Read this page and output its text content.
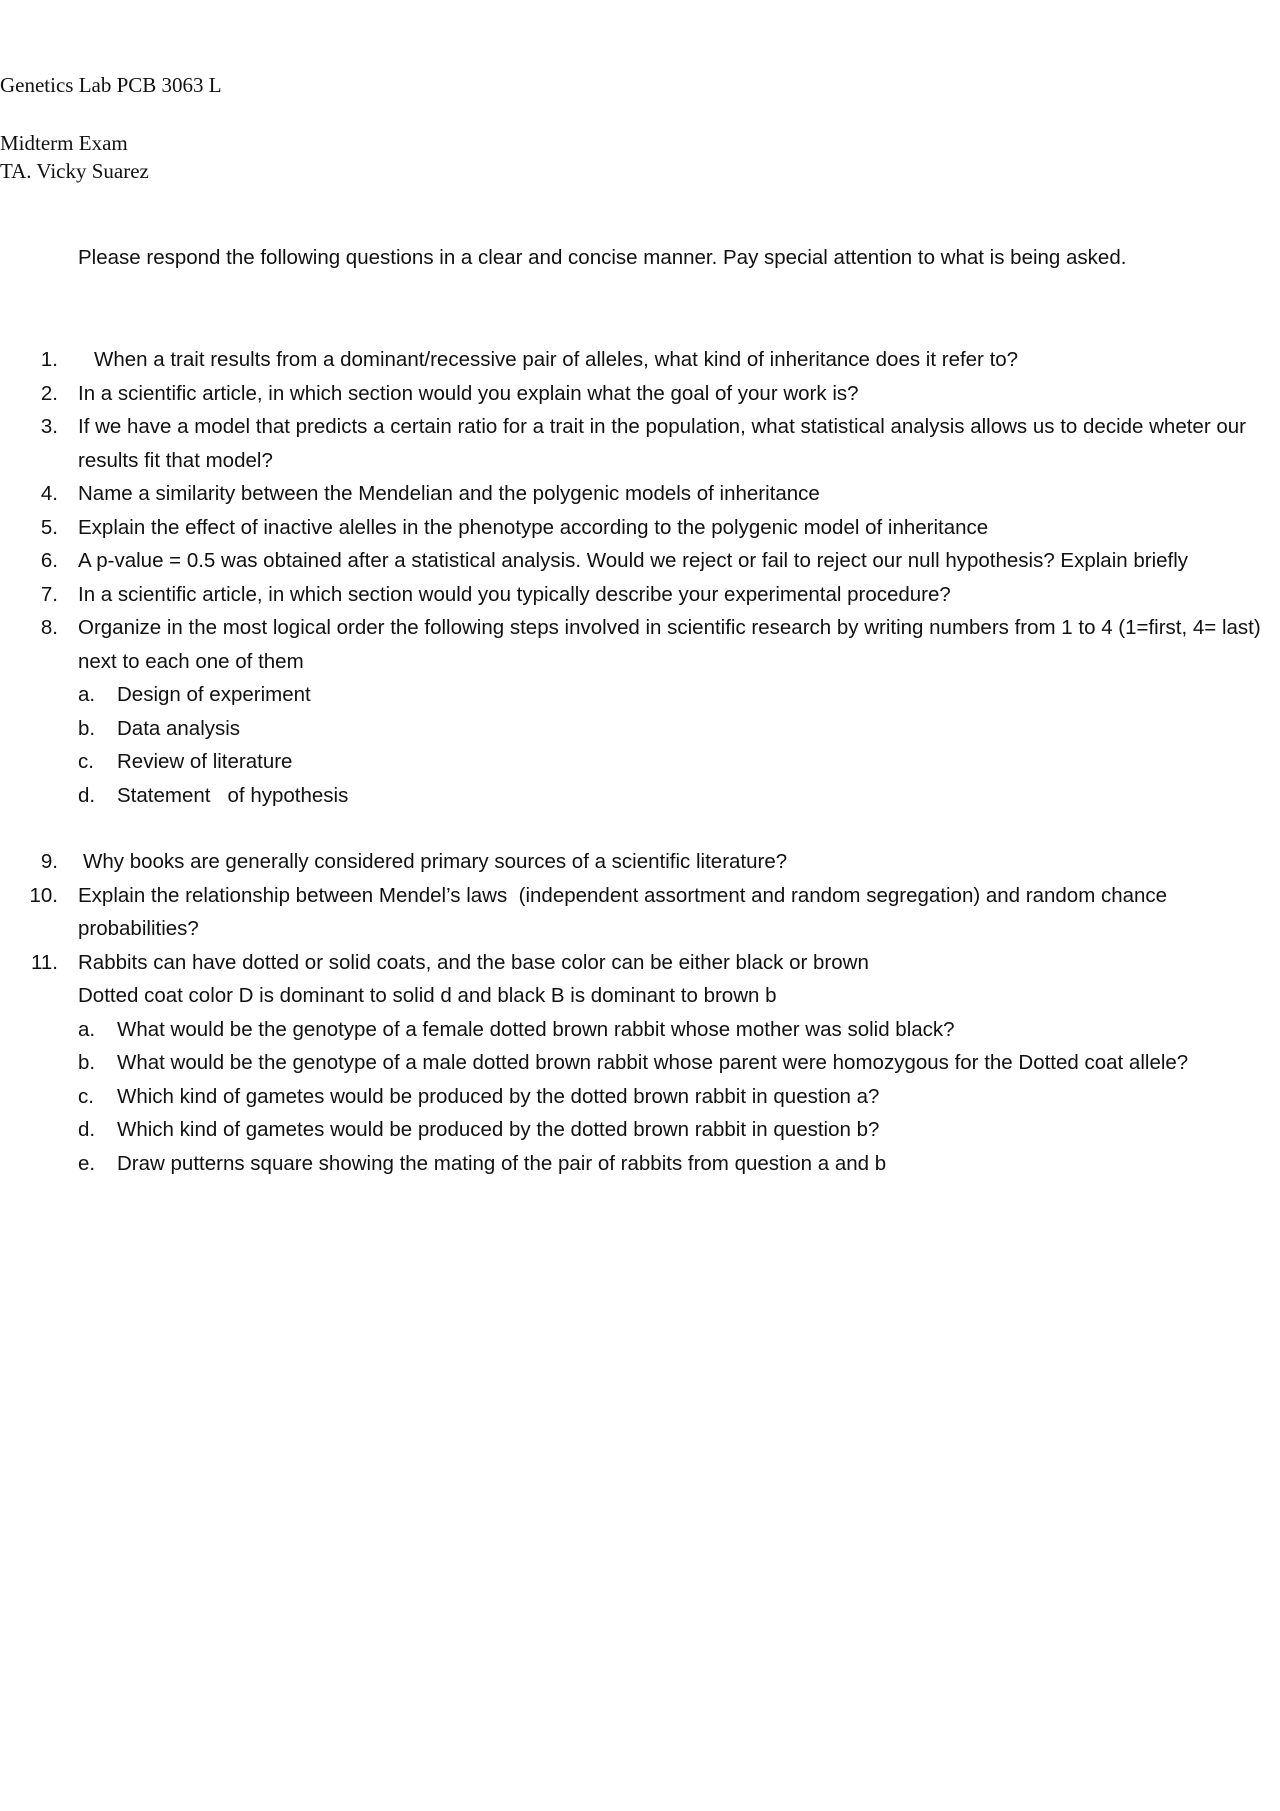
Genetics Lab PCB 3063 L
Midterm Exam
TA. Vicky Suarez
Please respond the following questions in a clear and concise manner. Pay special attention to what is being asked.
1. When a trait results from a dominant/recessive pair of alleles, what kind of inheritance does it refer to?
2. In a scientific article, in which section would you explain what the goal of your work is?
3. If we have a model that predicts a certain ratio for a trait in the population, what statistical analysis allows us to decide wheter our results fit that model?
4. Name a similarity between the Mendelian and the polygenic models of inheritance
5. Explain the effect of inactive alelles in the phenotype according to the polygenic model of inheritance
6. A p-value = 0.5 was obtained after a statistical analysis. Would we reject or fail to reject our null hypothesis? Explain briefly
7. In a scientific article, in which section would you typically describe your experimental procedure?
8. Organize in the most logical order the following steps involved in scientific research by writing numbers from 1 to 4 (1=first, 4= last) next to each one of them
a. Design of experiment
b. Data analysis
c. Review of literature
d. Statement   of hypothesis
9. Why books are generally considered primary sources of a scientific literature?
10. Explain the relationship between Mendel’s laws  (independent assortment and random segregation) and random chance probabilities?
11. Rabbits can have dotted or solid coats, and the base color can be either black or brown
Dotted coat color D is dominant to solid d and black B is dominant to brown b
a. What would be the genotype of a female dotted brown rabbit whose mother was solid black?
b. What would be the genotype of a male dotted brown rabbit whose parent were homozygous for the Dotted coat allele?
c. Which kind of gametes would be produced by the dotted brown rabbit in question a?
d. Which kind of gametes would be produced by the dotted brown rabbit in question b?
e. Draw putterns square showing the mating of the pair of rabbits from question a and b
